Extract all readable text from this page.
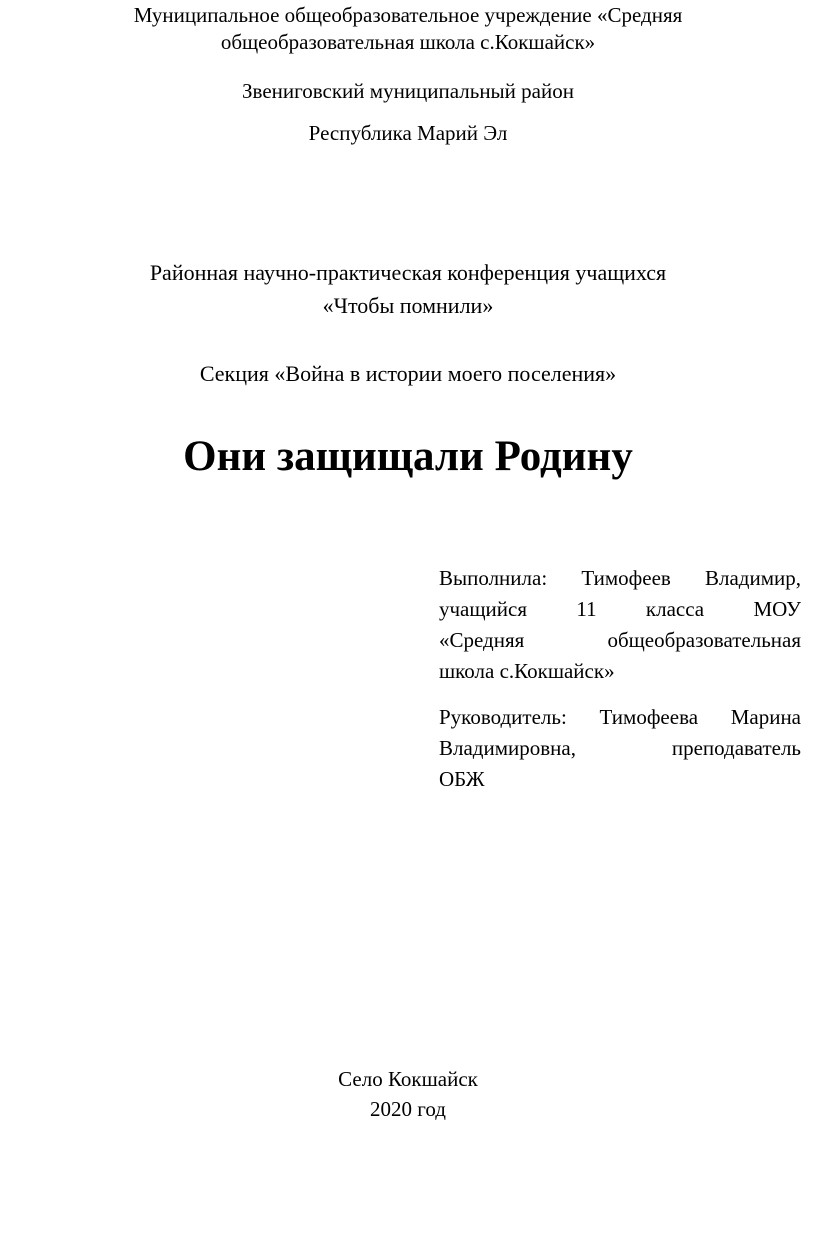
Муниципальное общеобразовательное учреждение «Средняя
общеобразовательная школа с.Кокшайск»
Звениговский муниципальный район
Республика Марий Эл
Районная научно-практическая конференция учащихся
«Чтобы помнили»
Секция «Война в истории моего поселения»
Они защищали Родину
Выполнила: Тимофеев Владимир,
учащийся 11 класса МОУ
«Средняя общеобразовательная
школа с.Кокшайск»
Руководитель: Тимофеева Марина
Владимировна, преподаватель
ОБЖ
Село Кокшайск
2020 год
